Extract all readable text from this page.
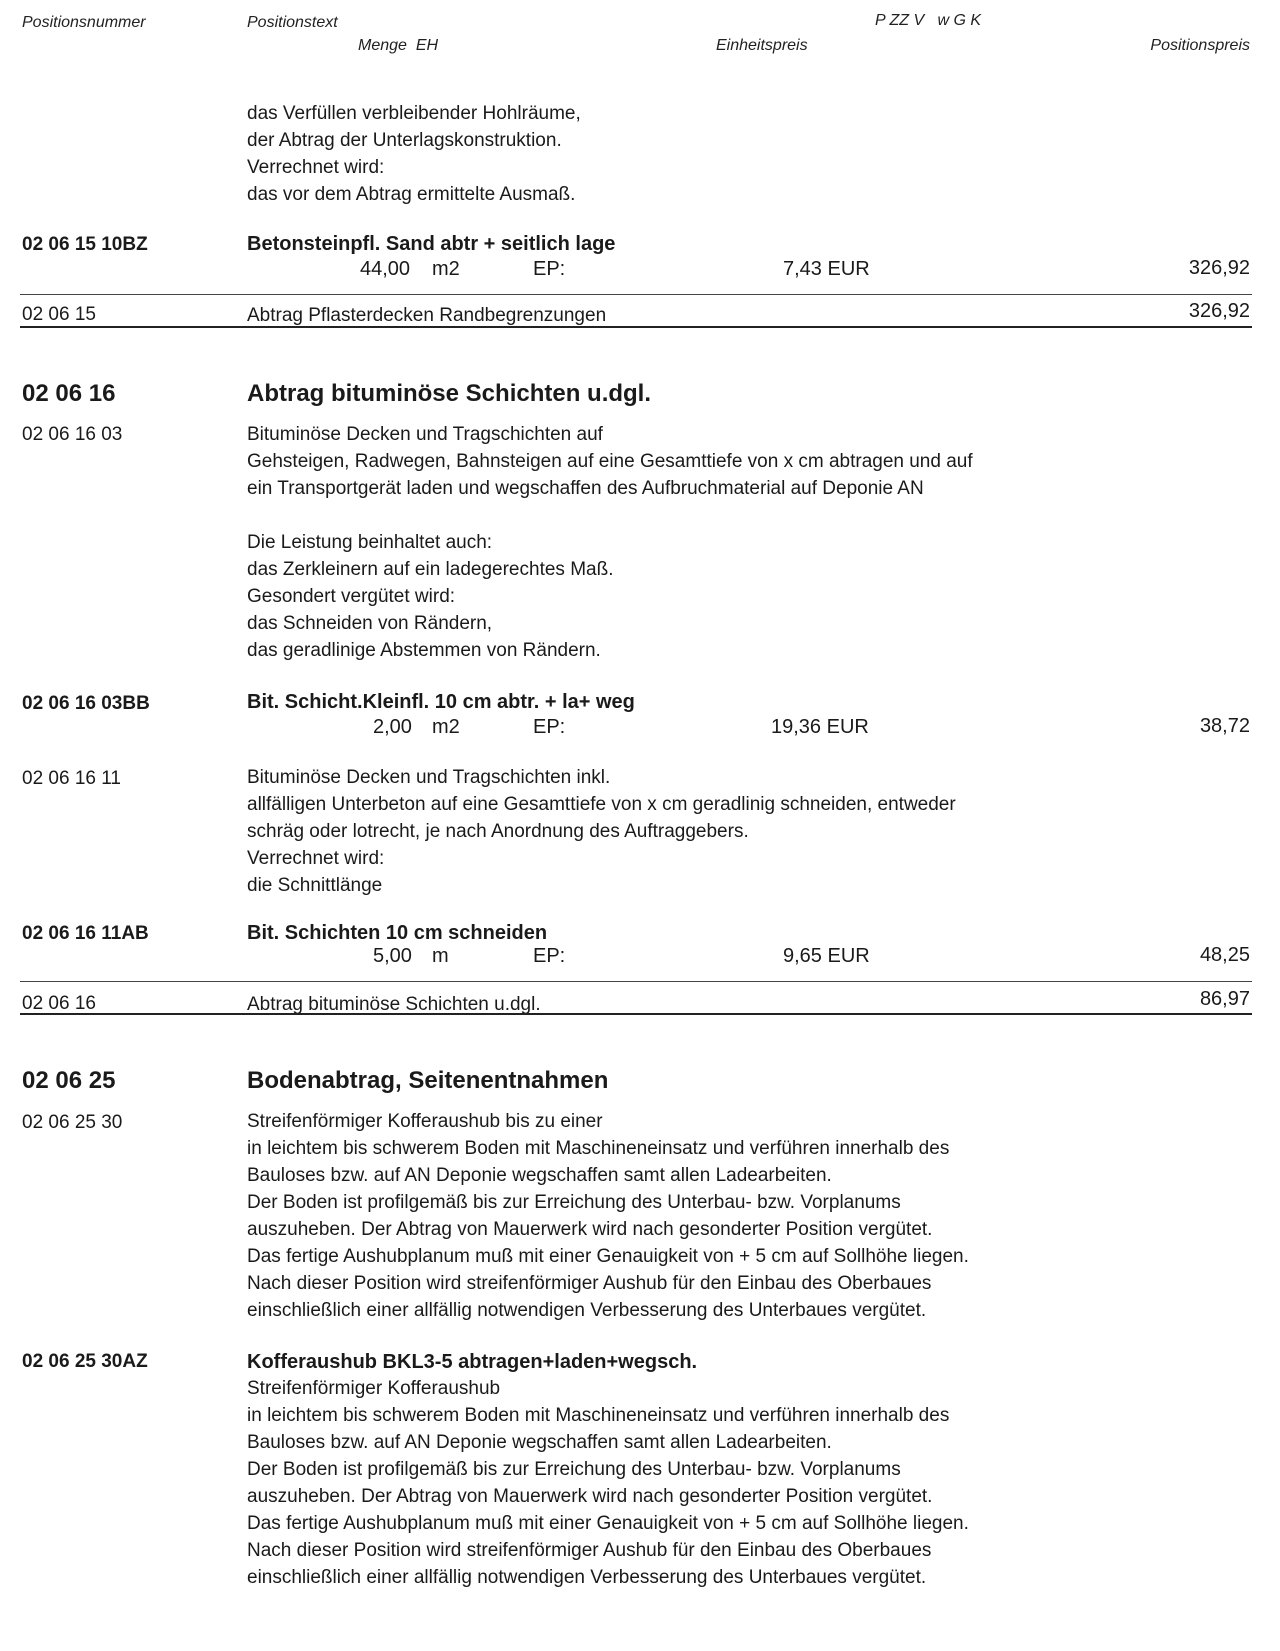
Positionsnummer	Positionstext
Menge  EH
P ZZ V   w G K
Einheitspreis	Positionspreis
das Verfüllen verbleibender Hohlräume,
der Abtrag der Unterlagskonstruktion.
Verrechnet wird:
das vor dem Abtrag ermittelte Ausmaß.
02 06 15 10BZ	Betonsteinpfl. Sand abtr + seitlich lage
44,00 m2	EP:	7,43 EUR	326,92
02 06 15	Abtrag Pflasterdecken Randbegrenzungen	326,92
02 06 16	Abtrag bituminöse Schichten u.dgl.
02 06 16 03	Bituminöse Decken und Tragschichten auf
Gehsteigen, Radwegen, Bahnsteigen auf eine Gesamttiefe von x cm abtragen und auf
ein Transportgerät laden und wegschaffen des Aufbruchmaterial auf Deponie AN

Die Leistung beinhaltet auch:
das Zerkleinern auf ein ladegerechtes Maß.
Gesondert vergütet wird:
das Schneiden von Rändern,
das geradlinige Abstemmen von Rändern.
02 06 16 03BB	Bit. Schicht.Kleinfl. 10 cm abtr. + la+ weg
2,00 m2	EP:	19,36 EUR	38,72
02 06 16 11	Bituminöse Decken und Tragschichten inkl.
allfälligen Unterbeton auf eine Gesamttiefe von x cm geradlinig schneiden, entweder
schräg oder lotrecht, je nach Anordnung des Auftraggebers.
Verrechnet wird:
die Schnittlänge
02 06 16 11AB	Bit. Schichten 10 cm schneiden
5,00 m	EP:	9,65 EUR	48,25
02 06 16	Abtrag bituminöse Schichten u.dgl.	86,97
02 06 25	Bodenabtrag, Seitenentnahmen
02 06 25 30	Streifenförmiger Kofferaushub bis zu einer
in leichtem bis schwerem Boden mit Maschineneinsatz und verführen innerhalb des
Bauloses bzw. auf AN Deponie wegschaffen samt allen Ladearbeiten.
Der Boden ist profilgemäß bis zur Erreichung des Unterbau- bzw. Vorplanums
auszuheben. Der Abtrag von Mauerwerk wird nach gesonderter Position vergütet.
Das fertige Aushubplanum muß mit einer Genauigkeit von + 5 cm auf Sollhöhe liegen.
Nach dieser Position wird streifenförmiger Aushub für den Einbau des Oberbaues
einschließlich einer allfällig notwendigen Verbesserung des Unterbaues vergütet.
02 06 25 30AZ	Kofferaushub BKL3-5 abtragen+laden+wegsch.
Streifenförmiger Kofferaushub
in leichtem bis schwerem Boden mit Maschineneinsatz und verführen innerhalb des
Bauloses bzw. auf AN Deponie wegschaffen samt allen Ladearbeiten.
Der Boden ist profilgemäß bis zur Erreichung des Unterbau- bzw. Vorplanums
auszuheben. Der Abtrag von Mauerwerk wird nach gesonderter Position vergütet.
Das fertige Aushubplanum muß mit einer Genauigkeit von + 5 cm auf Sollhöhe liegen.
Nach dieser Position wird streifenförmiger Aushub für den Einbau des Oberbaues
einschließlich einer allfällig notwendigen Verbesserung des Unterbaues vergütet.
